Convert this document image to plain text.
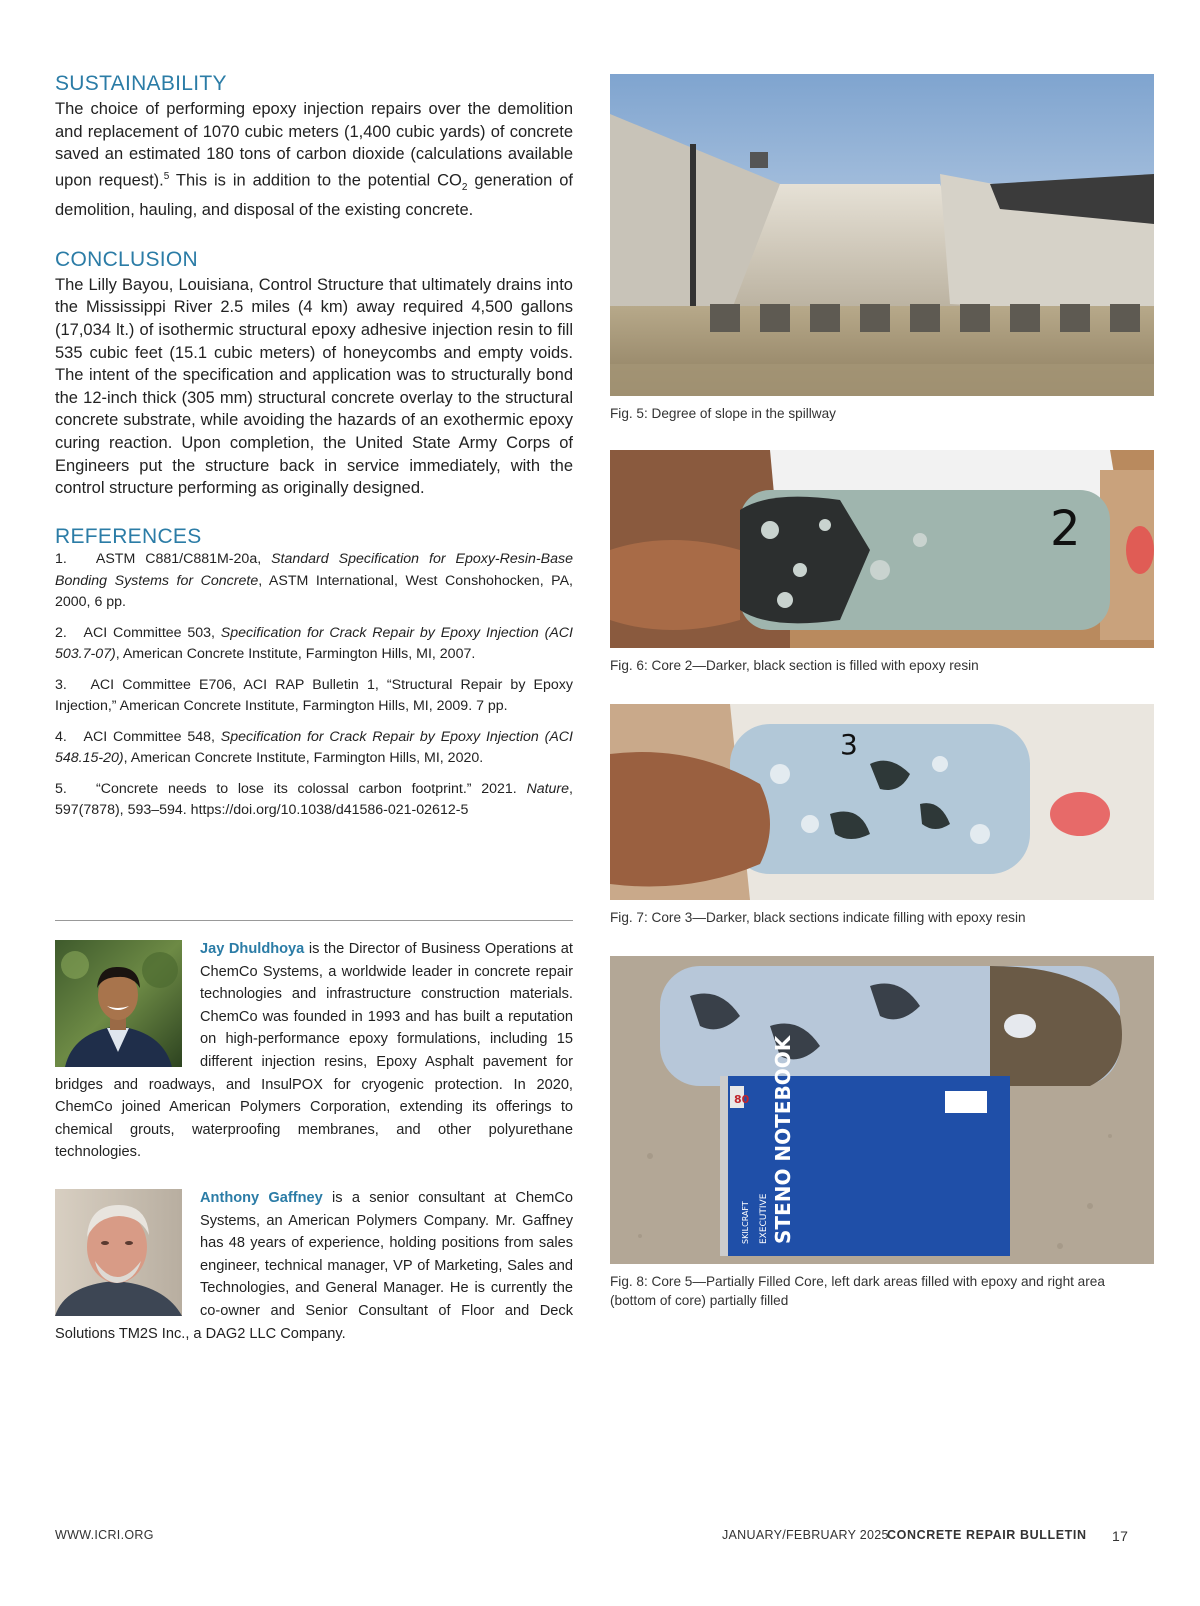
SUSTAINABILITY

The choice of performing epoxy injection repairs over the demolition and replacement of 1070 cubic meters (1,400 cubic yards) of concrete saved an estimated 180 tons of carbon dioxide (calculations available upon request).$^5$ This is in addition to the potential $CO_2$ generation of demolition, hauling, and disposal of the existing concrete.

CONCLUSION

The Lilly Bayou, Louisiana, Control Structure that ultimately drains into the Mississippi River 2.5 miles (4 km) away required 4,500 gallons (17,034 lt.) of isothermic structural epoxy adhesive injection resin to fill 535 cubic feet (15.1 cubic meters) of honeycombs and empty voids. The intent of the specification and application was to structurally bond the 12-inch thick (305 mm) structural concrete overlay to the structural concrete substrate, while avoiding the hazards of an exothermic epoxy curing reaction. Upon completion, the United State Army Corps of Engineers put the structure back in service immediately, with the control structure performing as originally designed.

REFERENCES

1.   ASTM C881/C881M-20a, Standard Specification for Epoxy-Resin-Base Bonding Systems for Concrete, ASTM International, West Conshohocken, PA, 2000, 6 pp.

2.   ACI Committee 503, Specification for Crack Repair by Epoxy Injection (ACI 503.7-07), American Concrete Institute, Farmington Hills, MI, 2007.

3.   ACI Committee E706, ACI RAP Bulletin 1, “Structural Repair by Epoxy Injection,” American Concrete Institute, Farmington Hills, MI, 2009. 7 pp.

4.   ACI Committee 548, Specification for Crack Repair by Epoxy Injection (ACI 548.15-20), American Concrete Institute, Farmington Hills, MI, 2020.

5.   “Concrete needs to lose its colossal carbon footprint.” 2021. Nature, 597(7878), 593–594. https://doi.org/10.1038/d41586-021-02612-5

Jay Dhuldhoya is the Director of Business Operations at ChemCo Systems, a worldwide leader in concrete repair technologies and infrastructure construction materials. ChemCo was founded in 1993 and has built a reputation on high-performance epoxy formulations, including 15 different injection resins, Epoxy Asphalt pavement for bridges and roadways, and InsulPOX for cryogenic protection. In 2020, ChemCo joined American Polymers Corporation, extending its offerings to chemical grouts, waterproofing membranes, and other polyurethane technologies.
Anthony Gaffney is a senior consultant at ChemCo Systems, an American Polymers Company. Mr. Gaffney has 48 years of experience, holding positions from sales engineer, technical manager, VP of Marketing, Sales and Technologies, and General Manager. He is currently the co-owner and Senior Consultant of Floor and Deck Solutions TM2S Inc., a DAG2 LLC Company.
Fig. 5: Degree of slope in the spillway
2
Fig. 6: Core 2—Darker, black section is filled with epoxy resin
3
Fig. 7: Core 3—Darker, black sections indicate filling with epoxy resin
80
SKILCRAFT EXECUTIVE STENO NOTEBOOK
Fig. 8: Core 5—Partially Filled Core, left dark areas filled with epoxy and right area (bottom of core) partially filled
WWW.ICRI.ORG	JANUARY/FEBRUARY 2025
CONCRETE REPAIR BULLETIN 17
